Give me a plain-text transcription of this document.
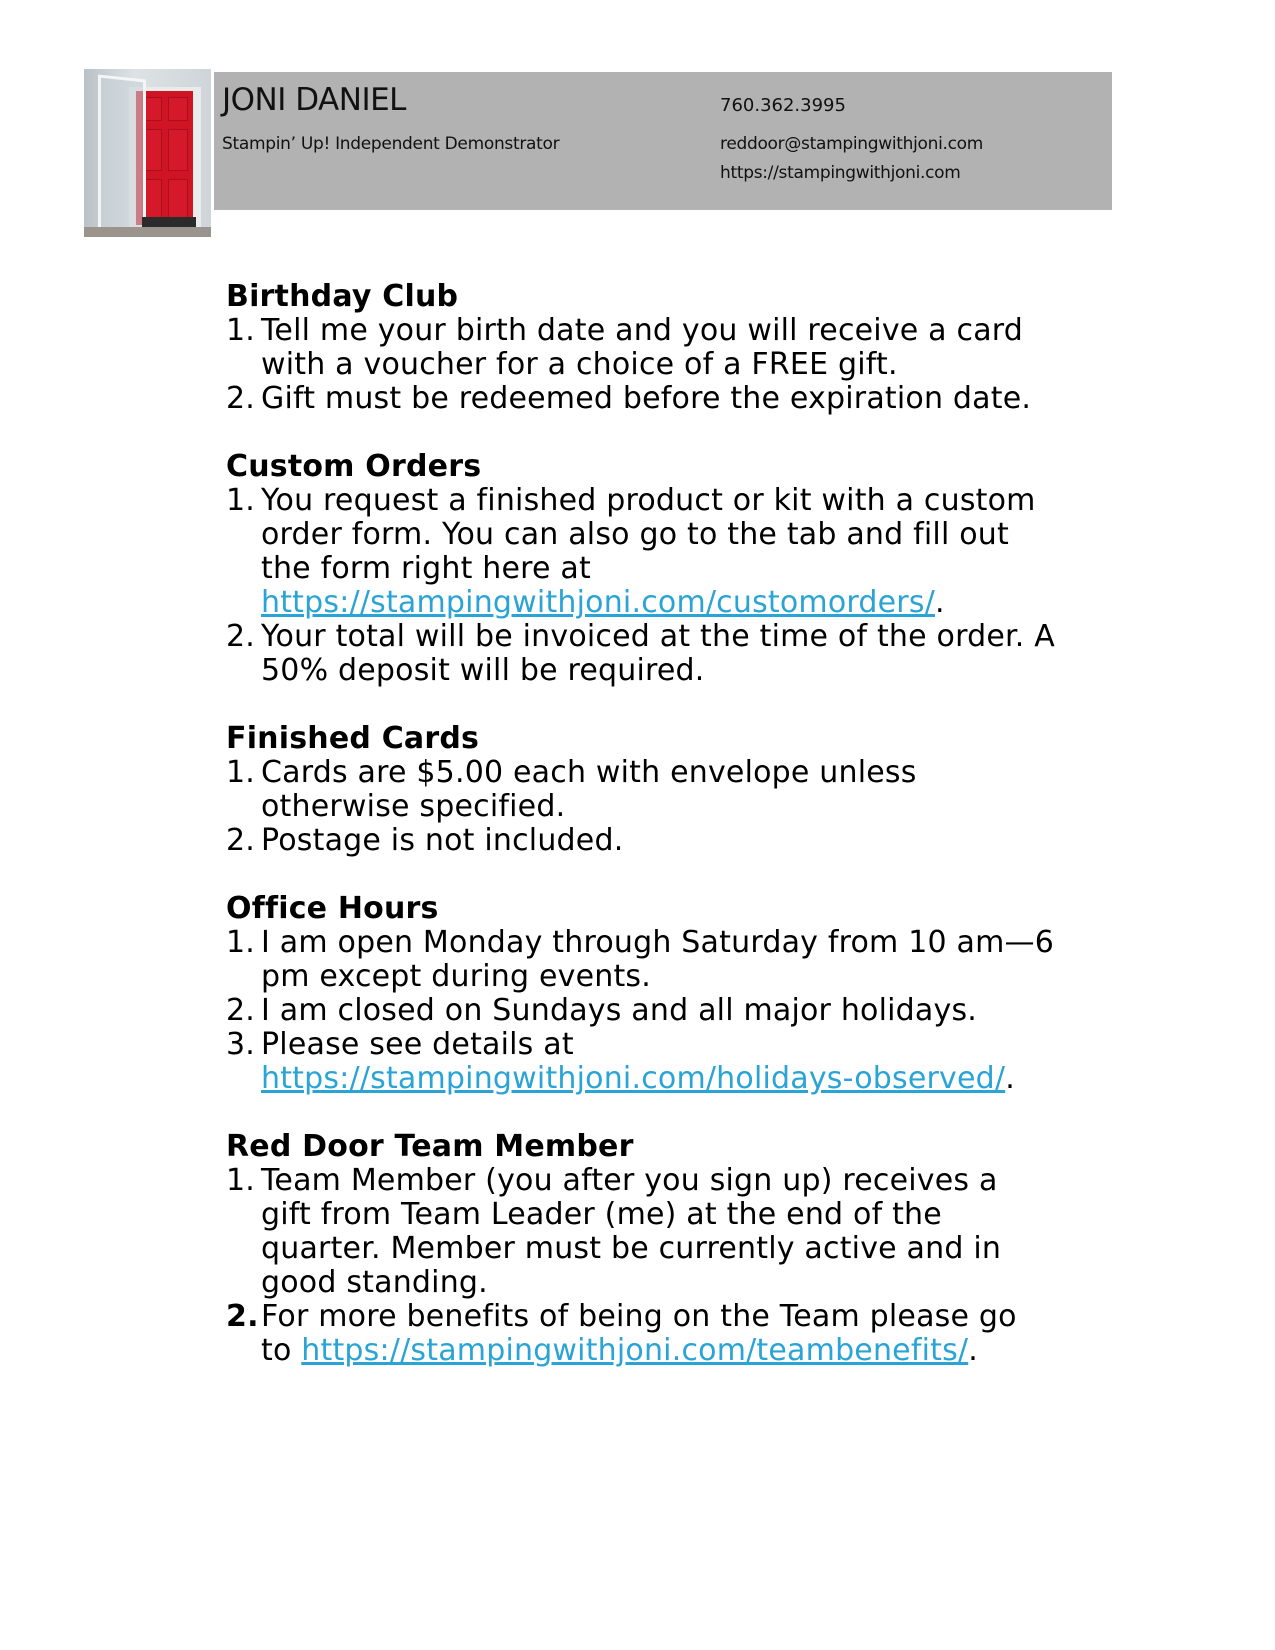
JONI DANIEL
Stampin’ Up! Independent Demonstrator
760.362.3995
reddoor@stampingwithjoni.com
https://stampingwithjoni.com
Birthday Club
1. Tell me your birth date and you will receive a card with a voucher for a choice of a FREE gift.
2. Gift must be redeemed before the expiration date.
Custom Orders
1. You request a finished product or kit with a custom order form. You can also go to the tab and fill out the form right here at https://stampingwithjoni.com/customorders/.
2. Your total will be invoiced at the time of the order. A 50% deposit will be required.
Finished Cards
1. Cards are $5.00 each with envelope unless otherwise specified.
2. Postage is not included.
Office Hours
1. I am open Monday through Saturday from 10 am—6 pm except during events.
2. I am closed on Sundays and all major holidays.
3. Please see details at https://stampingwithjoni.com/holidays-observed/.
Red Door Team Member
1. Team Member (you after you sign up) receives a gift from Team Leader (me) at the end of the quarter. Member must be currently active and in good standing.
2. For more benefits of being on the Team please go to https://stampingwithjoni.com/teambenefits/.
